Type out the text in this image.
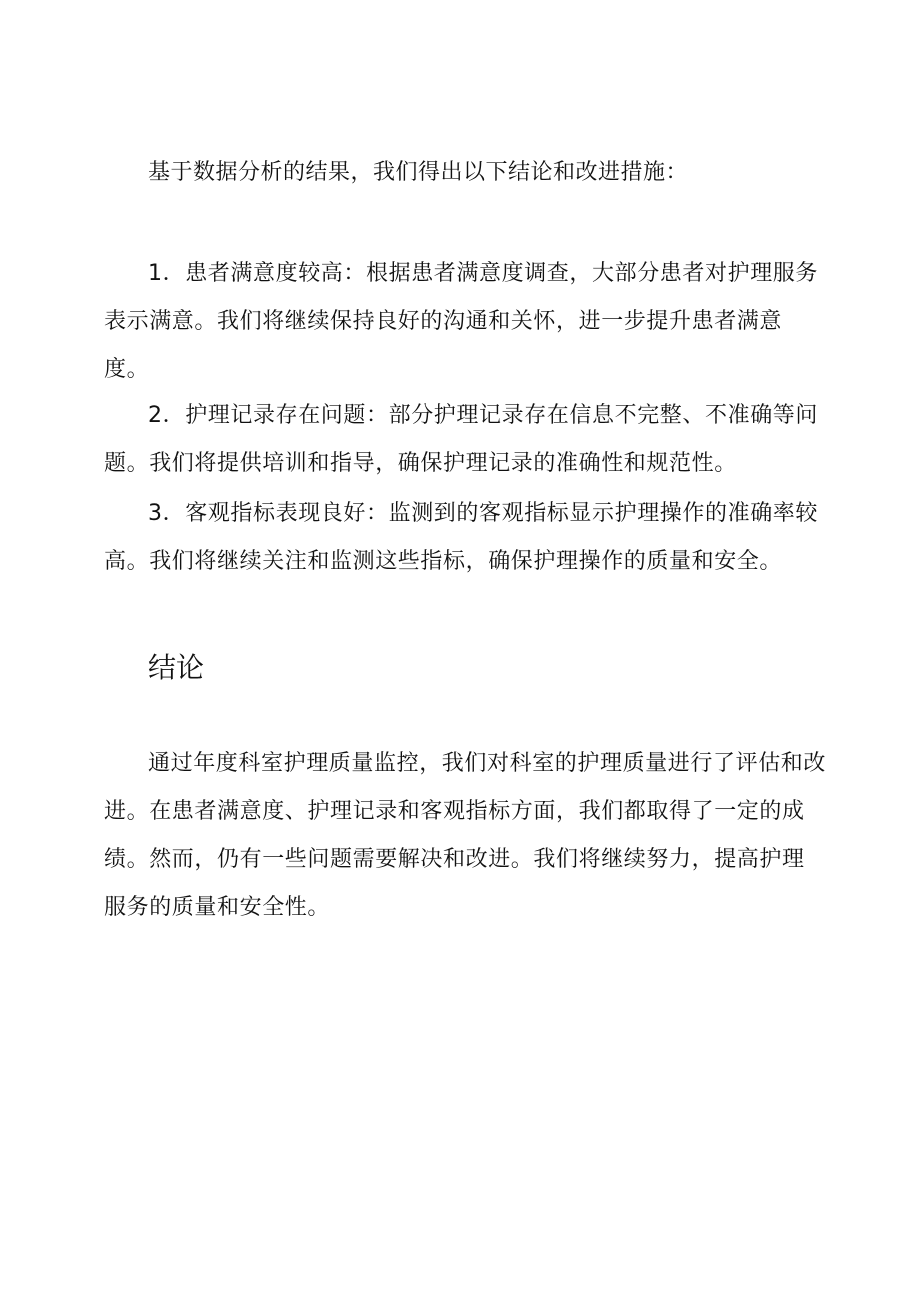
基于数据分析的结果，我们得出以下结论和改进措施：

1．患者满意度较高：根据患者满意度调查，大部分患者对护理服务表示满意。我们将继续保持良好的沟通和关怀，进一步提升患者满意度。

2．护理记录存在问题：部分护理记录存在信息不完整、不准确等问题。我们将提供培训和指导，确保护理记录的准确性和规范性。

3．客观指标表现良好：监测到的客观指标显示护理操作的准确率较高。我们将继续关注和监测这些指标，确保护理操作的质量和安全。

结论

通过年度科室护理质量监控，我们对科室的护理质量进行了评估和改进。在患者满意度、护理记录和客观指标方面，我们都取得了一定的成绩。然而，仍有一些问题需要解决和改进。我们将继续努力，提高护理服务的质量和安全性。
